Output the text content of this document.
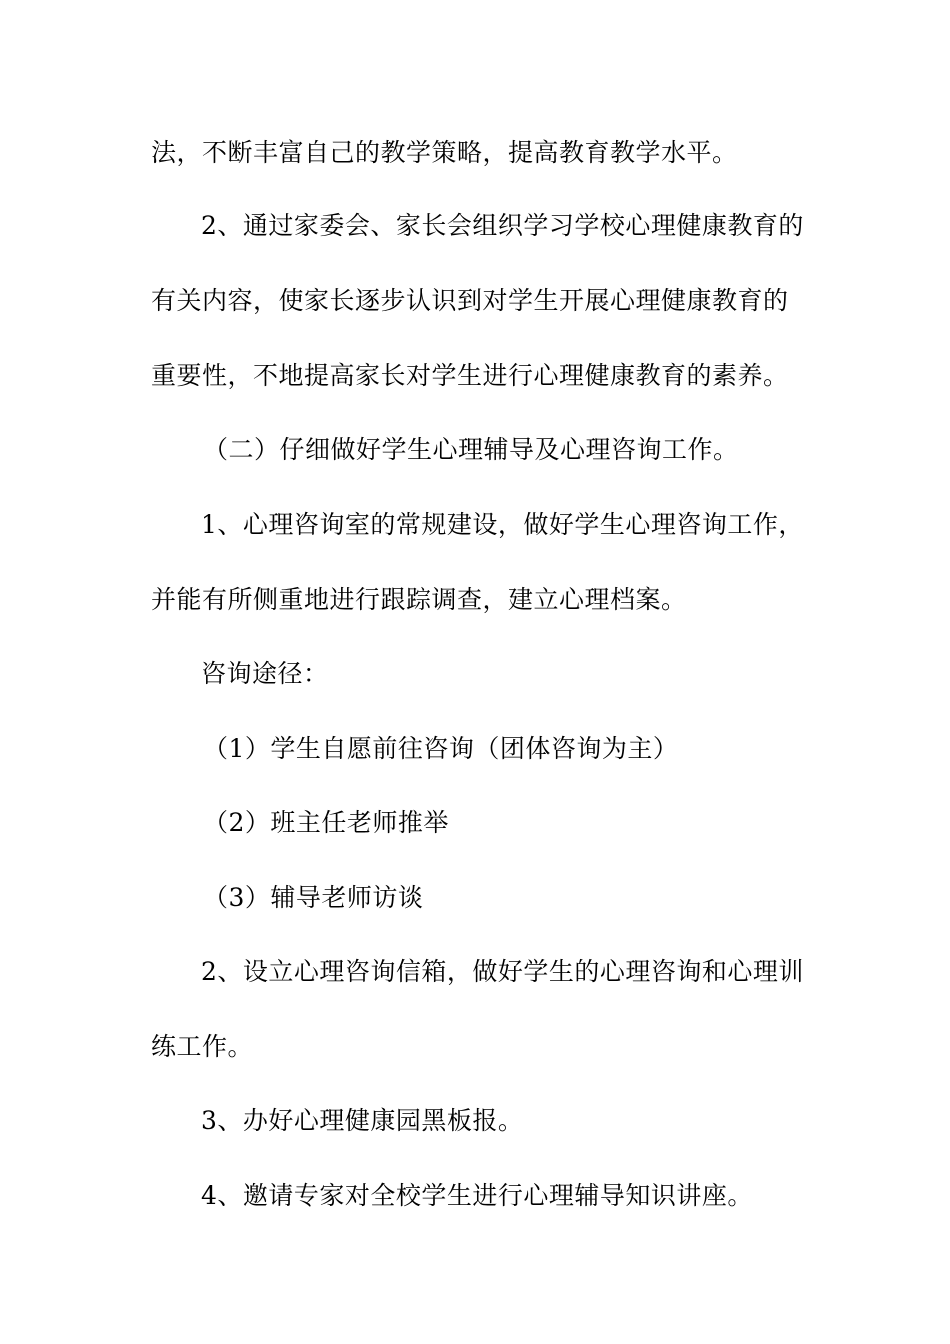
法，不断丰富自己的教学策略，提高教育教学水平。
2、通过家委会、家长会组织学习学校心理健康教育的
有关内容，使家长逐步认识到对学生开展心理健康教育的
重要性，不地提高家长对学生进行心理健康教育的素养。
（二）仔细做好学生心理辅导及心理咨询工作。
1、心理咨询室的常规建设，做好学生心理咨询工作，
并能有所侧重地进行跟踪调查，建立心理档案。
咨询途径：
（1）学生自愿前往咨询（团体咨询为主）
（2）班主任老师推举
（3）辅导老师访谈
2、设立心理咨询信箱，做好学生的心理咨询和心理训
练工作。
3、办好心理健康园黑板报。
4、邀请专家对全校学生进行心理辅导知识讲座。
